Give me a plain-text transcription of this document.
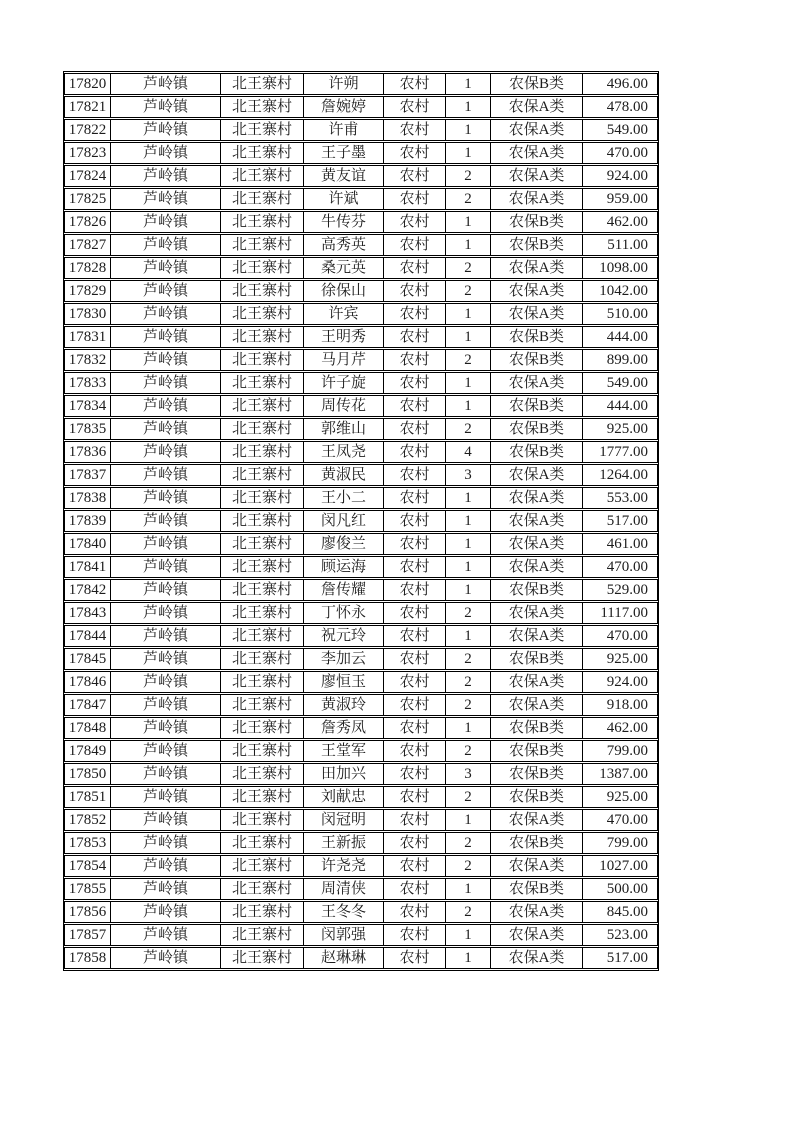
17820	芦岭镇	北王寨村	许朔	农村	1	农保B类	496.00
17821	芦岭镇	北王寨村	詹婉婷	农村	1	农保A类	478.00
17822	芦岭镇	北王寨村	许甫	农村	1	农保A类	549.00
17823	芦岭镇	北王寨村	王子墨	农村	1	农保A类	470.00
17824	芦岭镇	北王寨村	黄友谊	农村	2	农保A类	924.00
17825	芦岭镇	北王寨村	许斌	农村	2	农保A类	959.00
17826	芦岭镇	北王寨村	牛传芬	农村	1	农保B类	462.00
17827	芦岭镇	北王寨村	高秀英	农村	1	农保B类	511.00
17828	芦岭镇	北王寨村	桑元英	农村	2	农保A类	1098.00
17829	芦岭镇	北王寨村	徐保山	农村	2	农保A类	1042.00
17830	芦岭镇	北王寨村	许宾	农村	1	农保A类	510.00
17831	芦岭镇	北王寨村	王明秀	农村	1	农保B类	444.00
17832	芦岭镇	北王寨村	马月芹	农村	2	农保B类	899.00
17833	芦岭镇	北王寨村	许子旋	农村	1	农保A类	549.00
17834	芦岭镇	北王寨村	周传花	农村	1	农保B类	444.00
17835	芦岭镇	北王寨村	郭维山	农村	2	农保B类	925.00
17836	芦岭镇	北王寨村	王凤尧	农村	4	农保B类	1777.00
17837	芦岭镇	北王寨村	黄淑民	农村	3	农保A类	1264.00
17838	芦岭镇	北王寨村	王小二	农村	1	农保A类	553.00
17839	芦岭镇	北王寨村	闵凡红	农村	1	农保A类	517.00
17840	芦岭镇	北王寨村	廖俊兰	农村	1	农保A类	461.00
17841	芦岭镇	北王寨村	顾运海	农村	1	农保A类	470.00
17842	芦岭镇	北王寨村	詹传耀	农村	1	农保B类	529.00
17843	芦岭镇	北王寨村	丁怀永	农村	2	农保A类	1117.00
17844	芦岭镇	北王寨村	祝元玲	农村	1	农保A类	470.00
17845	芦岭镇	北王寨村	李加云	农村	2	农保B类	925.00
17846	芦岭镇	北王寨村	廖恒玉	农村	2	农保A类	924.00
17847	芦岭镇	北王寨村	黄淑玲	农村	2	农保A类	918.00
17848	芦岭镇	北王寨村	詹秀凤	农村	1	农保B类	462.00
17849	芦岭镇	北王寨村	王堂军	农村	2	农保B类	799.00
17850	芦岭镇	北王寨村	田加兴	农村	3	农保B类	1387.00
17851	芦岭镇	北王寨村	刘献忠	农村	2	农保B类	925.00
17852	芦岭镇	北王寨村	闵冠明	农村	1	农保A类	470.00
17853	芦岭镇	北王寨村	王新振	农村	2	农保B类	799.00
17854	芦岭镇	北王寨村	许尧尧	农村	2	农保A类	1027.00
17855	芦岭镇	北王寨村	周清侠	农村	1	农保B类	500.00
17856	芦岭镇	北王寨村	王冬冬	农村	2	农保A类	845.00
17857	芦岭镇	北王寨村	闵郭强	农村	1	农保A类	523.00
17858	芦岭镇	北王寨村	赵琳琳	农村	1	农保A类	517.00
